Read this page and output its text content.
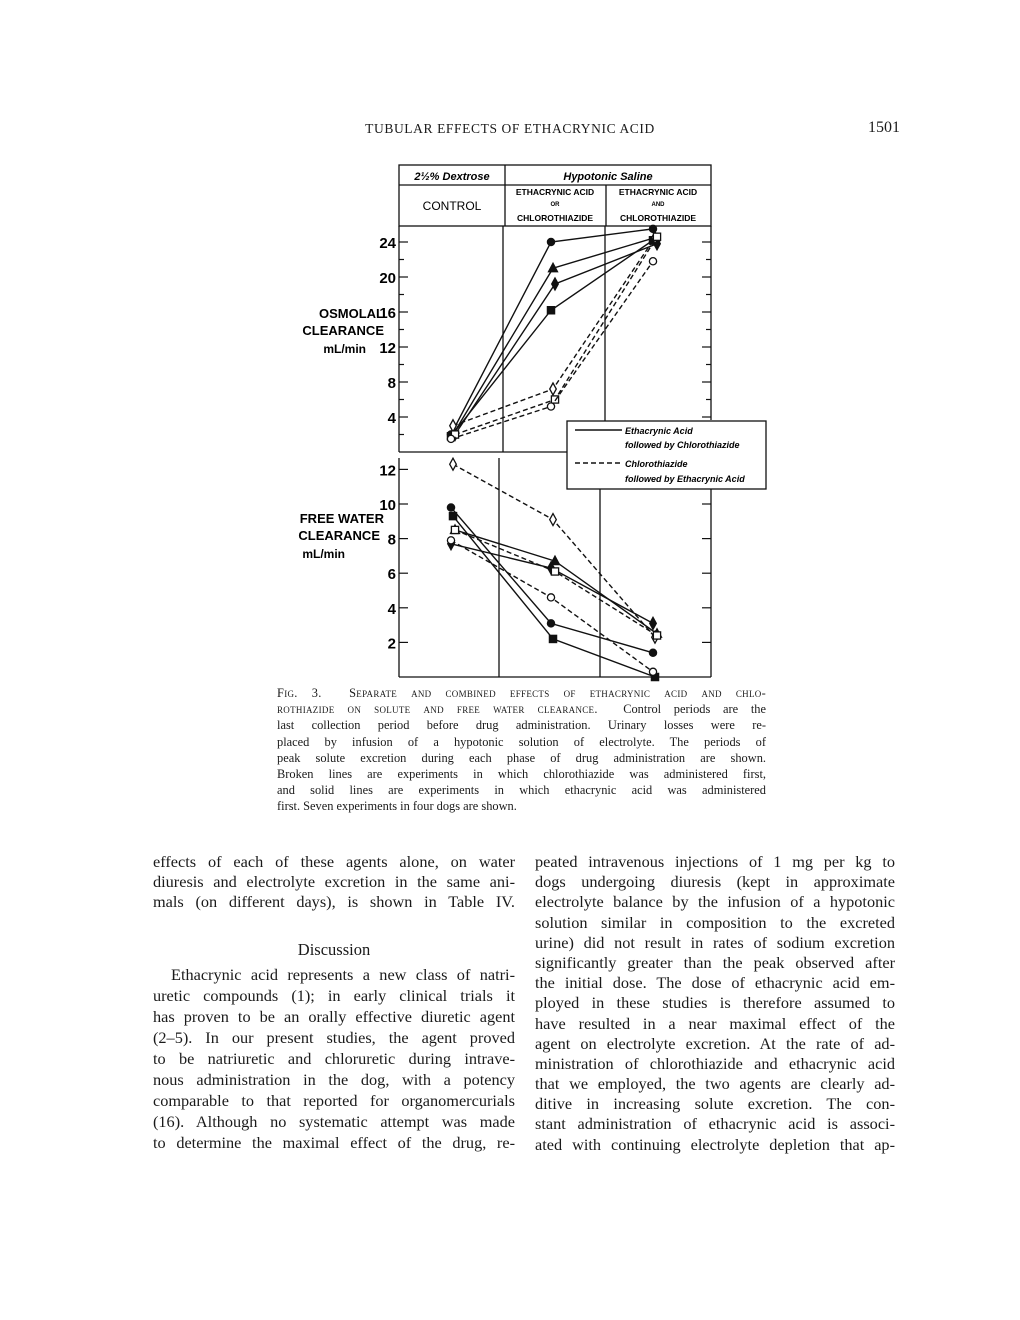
TUBULAR EFFECTS OF ETHACRYNIC ACID	1501
2½% Dextrose	Hypotonic Saline
CONTROL
ETHACRYNIC ACID
OR
CHLOROTHIAZIDE
ETHACRYNIC ACID
AND
CHLOROTHIAZIDE
OSMOLAL
CLEARANCE
mL/min
FREE WATER
CLEARANCE
mL/min
4
8
12
16
20
24
2
4
6
8
10
12
Ethacrynic Acid
followed by Chlorothiazide
Chlorothiazide
followed by Ethacrynic Acid
Fig. 3. Separate and combined effects of ethacrynic acid and chlo-
rothiazide on solute and free water clearance. Control periods are the
last collection period before drug administration. Urinary losses were re-
placed by infusion of a hypotonic solution of electrolyte. The periods of
peak solute excretion during each phase of drug administration are shown.
Broken lines are experiments in which chlorothiazide was administered first,
and solid lines are experiments in which ethacrynic acid was administered
first. Seven experiments in four dogs are shown.
effects of each of these agents alone, on water
diuresis and electrolyte excretion in the same ani-
mals (on different days), is shown in Table IV.
Discussion
Ethacrynic acid represents a new class of natri-
uretic compounds (1); in early clinical trials it
has proven to be an orally effective diuretic agent
(2–5). In our present studies, the agent proved
to be natriuretic and chloruretic during intrave-
nous administration in the dog, with a potency
comparable to that reported for organomercurials
(16). Although no systematic attempt was made
to determine the maximal effect of the drug, re-
peated intravenous injections of 1 mg per kg to
dogs undergoing diuresis (kept in approximate
electrolyte balance by the infusion of a hypotonic
solution similar in composition to the excreted
urine) did not result in rates of sodium excretion
significantly greater than the peak observed after
the initial dose. The dose of ethacrynic acid em-
ployed in these studies is therefore assumed to
have resulted in a near maximal effect of the
agent on electrolyte excretion. At the rate of ad-
ministration of chlorothiazide and ethacrynic acid
that we employed, the two agents are clearly ad-
ditive in increasing solute excretion. The con-
stant administration of ethacrynic acid is associ-
ated with continuing electrolyte depletion that ap-
